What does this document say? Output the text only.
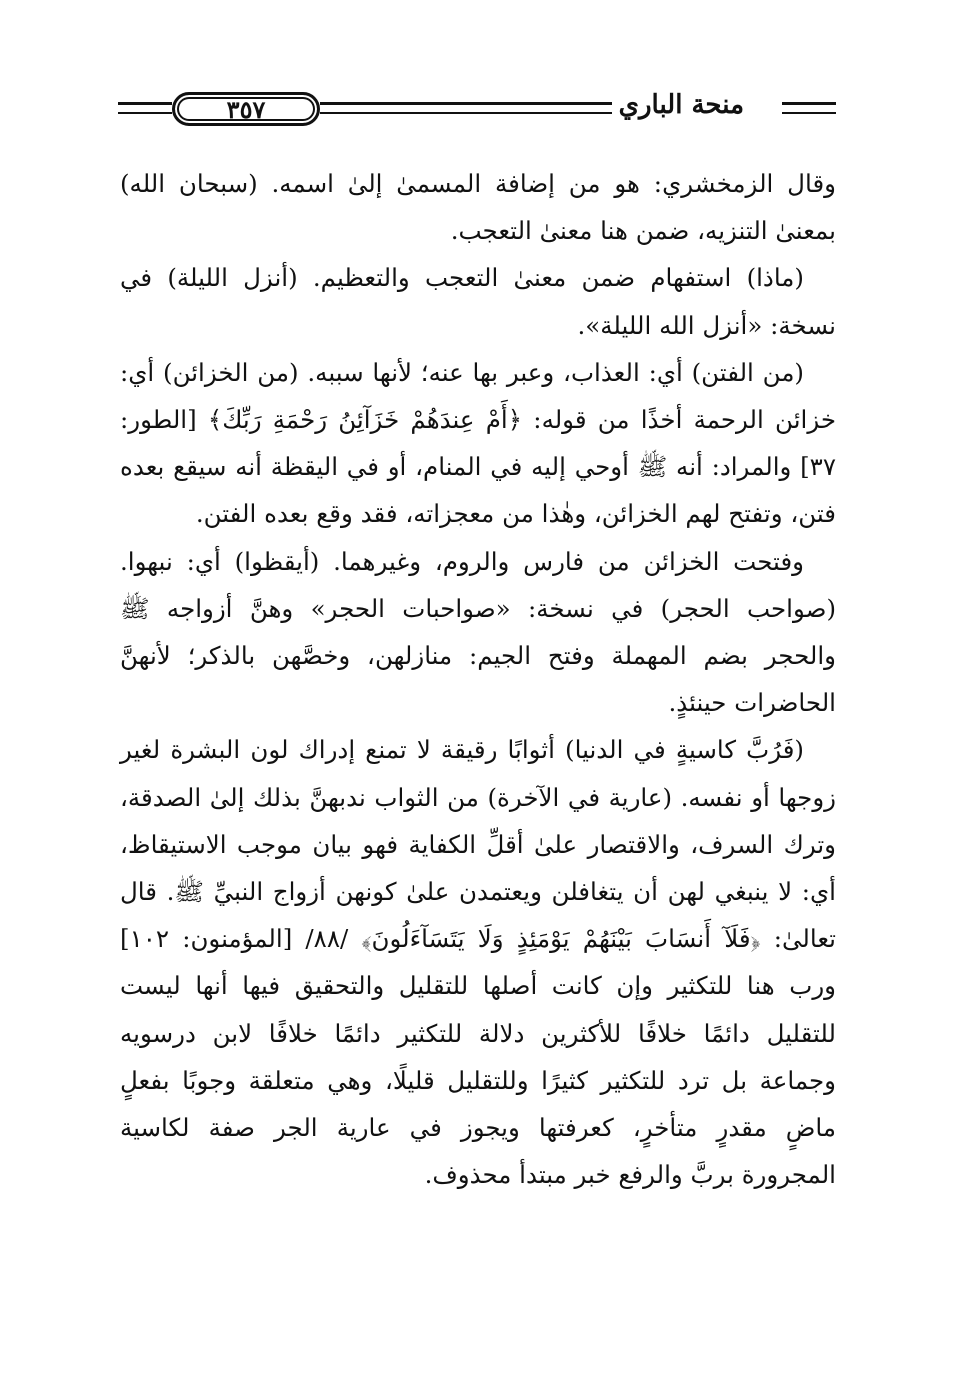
٣٥٧	منحة الباري

وقال الزمخشري: هو من إضافة المسمىٰ إلىٰ اسمه. (سبحان الله) بمعنىٰ التنزيه، ضمن هنا معنىٰ التعجب.

(ماذا) استفهام ضمن معنىٰ التعجب والتعظيم. (أنزل الليلة) في نسخة: «أنزل الله الليلة».

(من الفتن) أي: العذاب، وعبر بها عنه؛ لأنها سببه. (من الخزائن) أي: خزائن الرحمة أخذًا من قوله: ﴿أَمْ عِندَهُمْ خَزَآئِنُ رَحْمَةِ رَبِّكَ﴾ [الطور: ٣٧] والمراد: أنه ﷺ أوحي إليه في المنام، أو في اليقظة أنه سيقع بعده فتن، وتفتح لهم الخزائن، وهٰذا من معجزاته، فقد وقع بعده الفتن.

وفتحت الخزائن من فارس والروم، وغيرهما. (أيقظوا) أي: نبهوا. (صواحب الحجر) في نسخة: «صواحبات الحجر» وهنَّ أزواجه ﷺ والحجر بضم المهملة وفتح الجيم: منازلهن، وخصَّهن بالذكر؛ لأنهنَّ الحاضرات حينئذٍ.

(فَرُبَّ كاسيةٍ في الدنيا) أثوابًا رقيقة لا تمنع إدراك لون البشرة لغير زوجها أو نفسه. (عارية في الآخرة) من الثواب ندبهنَّ بذلك إلىٰ الصدقة، وترك السرف، والاقتصار علىٰ أقلِّ الكفاية فهو بيان موجب الاستيقاظ، أي: لا ينبغي لهن أن يتغافلن ويعتمدن علىٰ كونهن أزواج النبيِّ ﷺ. قال تعالىٰ: ﴿فَلَآ أَنسَابَ بَيْنَهُمْ يَوْمَئِذٍ وَلَا يَتَسَآءَلُونَ﴾ /٨٨/ [المؤمنون: ١٠٢] ورب هنا للتكثير وإن كانت أصلها للتقليل والتحقيق فيها أنها ليست للتقليل دائمًا خلافًا للأكثرين دلالة للتكثير دائمًا خلافًا لابن درسويه وجماعة بل ترد للتكثير كثيرًا وللتقليل قليلًا، وهي متعلقة وجوبًا بفعلٍ ماضٍ مقدرٍ متأخرٍ، كعرفتها ويجوز في عارية الجر صفة لكاسية المجرورة بربَّ والرفع خبر مبتدأ محذوف.
